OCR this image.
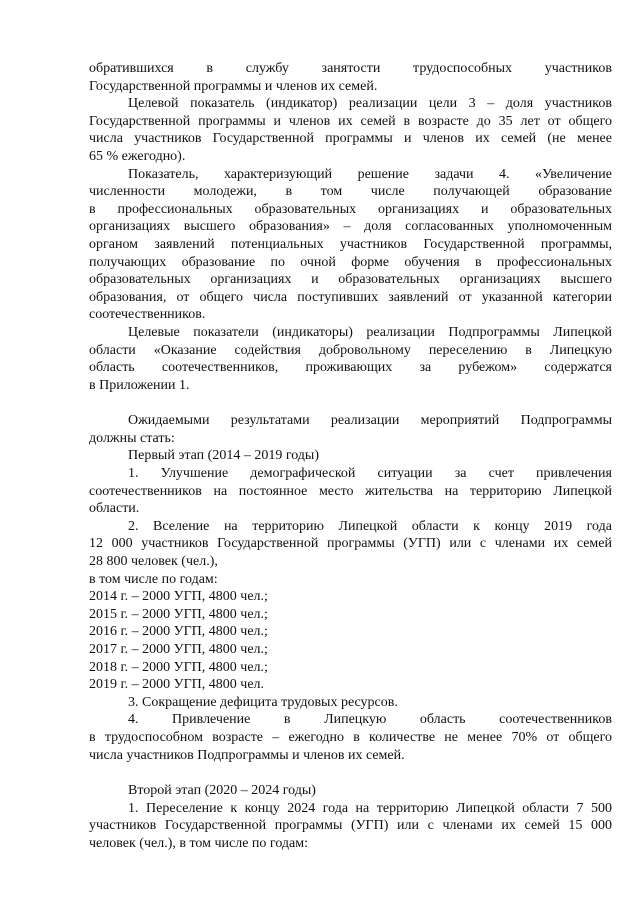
обратившихся в службу занятости трудоспособных участников
Государственной программы и членов их семей.
Целевой показатель (индикатор) реализации цели 3 – доля участников
Государственной программы и членов их семей в возрасте до 35 лет от общего
числа участников Государственной программы и членов их семей (не менее
65 % ежегодно).
Показатель, характеризующий решение задачи 4. «Увеличение
численности молодежи, в том числе получающей образование
в профессиональных образовательных организациях и образовательных
организациях высшего образования» – доля согласованных уполномоченным
органом заявлений потенциальных участников Государственной программы,
получающих образование по очной форме обучения в профессиональных
образовательных организациях и образовательных организациях высшего
образования, от общего числа поступивших заявлений от указанной категории
соотечественников.
Целевые показатели (индикаторы) реализации Подпрограммы Липецкой
области «Оказание содействия добровольному переселению в Липецкую
область соотечественников, проживающих за рубежом» содержатся
в Приложении 1.
Ожидаемыми результатами реализации мероприятий Подпрограммы
должны стать:
Первый этап (2014 – 2019 годы)
1. Улучшение демографической ситуации за счет привлечения
соотечественников на постоянное место жительства на территорию Липецкой
области.
2. Вселение на территорию Липецкой области к концу 2019 года
12 000 участников Государственной программы (УГП) или с членами их семей
28 800 человек (чел.),
в том числе по годам:
2014 г. – 2000 УГП, 4800 чел.;
2015 г. – 2000 УГП, 4800 чел.;
2016 г. – 2000 УГП, 4800 чел.;
2017 г. – 2000 УГП, 4800 чел.;
2018 г. – 2000 УГП, 4800 чел.;
2019 г. – 2000 УГП, 4800 чел.
3. Сокращение дефицита трудовых ресурсов.
4. Привлечение в Липецкую область соотечественников
в трудоспособном возрасте – ежегодно в количестве не менее 70% от общего
числа участников Подпрограммы и членов их семей.
Второй этап (2020 – 2024 годы)
1. Переселение к концу 2024 года на территорию Липецкой области 7 500
участников Государственной программы (УГП) или с членами их семей 15 000
человек (чел.), в том числе по годам:
